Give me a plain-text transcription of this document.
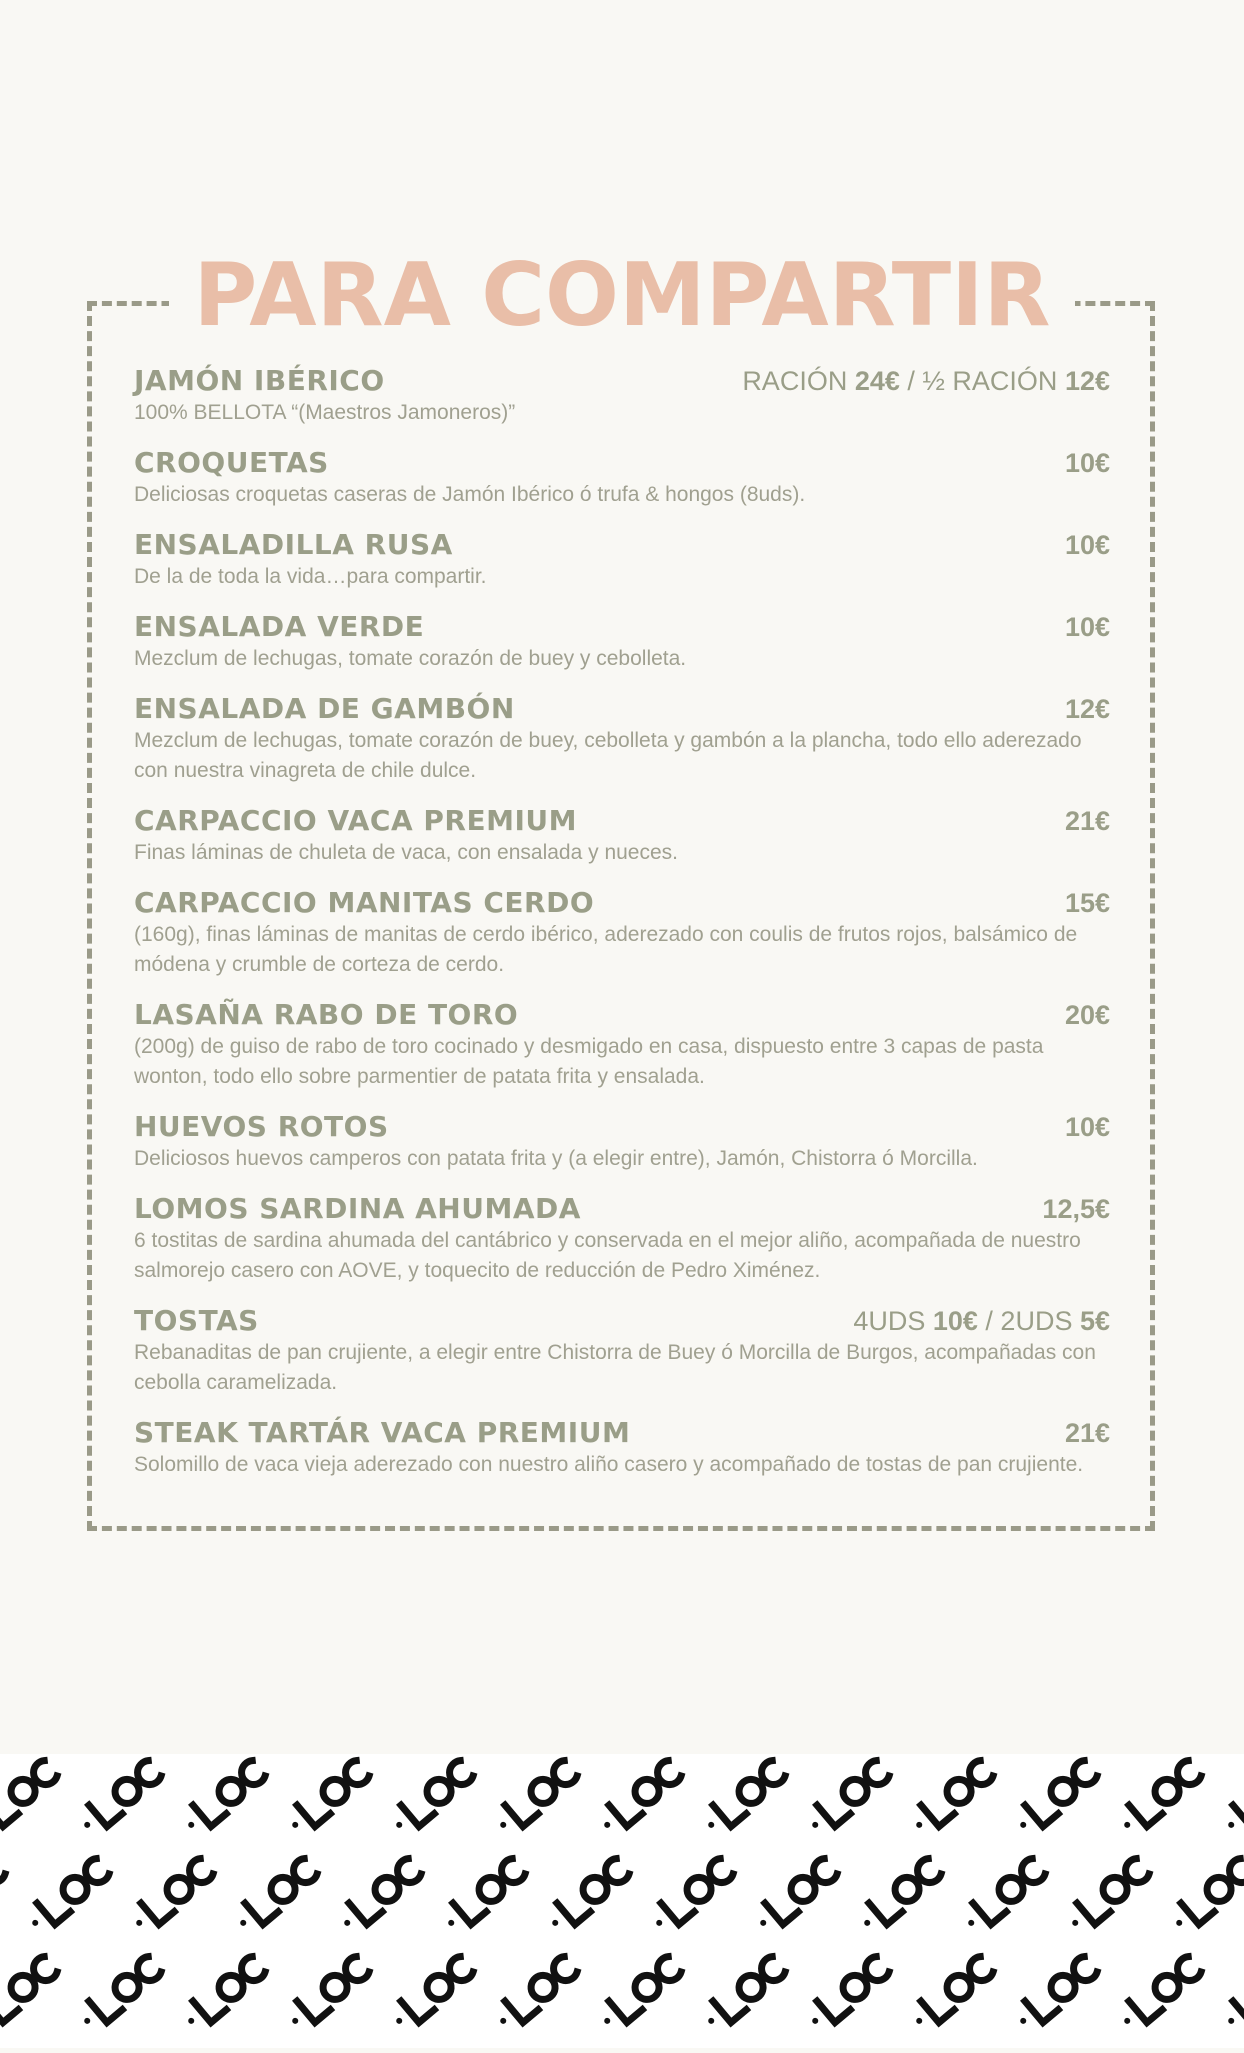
PARA COMPARTIR
JAMÓN IBÉRICO	RACIÓN 24€ / ½ RACIÓN 12€
100% BELLOTA “(Maestros Jamoneros)”
CROQUETAS	10€
Deliciosas croquetas caseras de Jamón Ibérico ó trufa & hongos (8uds).
ENSALADILLA RUSA	10€
De la de toda la vida…para compartir.
ENSALADA VERDE	10€
Mezclum de lechugas, tomate corazón de buey y cebolleta.
ENSALADA DE GAMBÓN	12€
Mezclum de lechugas, tomate corazón de buey, cebolleta y gambón a la plancha, todo ello aderezado con nuestra vinagreta de chile dulce.
CARPACCIO VACA PREMIUM	21€
Finas láminas de chuleta de vaca, con ensalada y nueces.
CARPACCIO MANITAS CERDO	15€
(160g), finas láminas de manitas de cerdo ibérico, aderezado con coulis de frutos rojos, balsámico de módena y crumble de corteza de cerdo.
LASAÑA RABO DE TORO	20€
(200g) de guiso de rabo de toro cocinado y desmigado en casa, dispuesto entre 3 capas de pasta wonton, todo ello sobre parmentier de patata frita y ensalada.
HUEVOS ROTOS	10€
Deliciosos huevos camperos con patata frita y (a elegir entre), Jamón, Chistorra ó Morcilla.
LOMOS SARDINA AHUMADA	12,5€
6 tostitas de sardina ahumada del cantábrico y conservada en el mejor aliño, acompañada de nuestro salmorejo casero con AOVE, y toquecito de reducción de Pedro Ximénez.
TOSTAS	4UDS 10€ / 2UDS 5€
Rebanaditas de pan crujiente, a elegir entre Chistorra de Buey ó Morcilla de Burgos, acompañadas con cebolla caramelizada.
STEAK TARTÁR VACA PREMIUM	21€
Solomillo de vaca vieja aderezado con nuestro aliño casero y acompañado de tostas de pan crujiente.
